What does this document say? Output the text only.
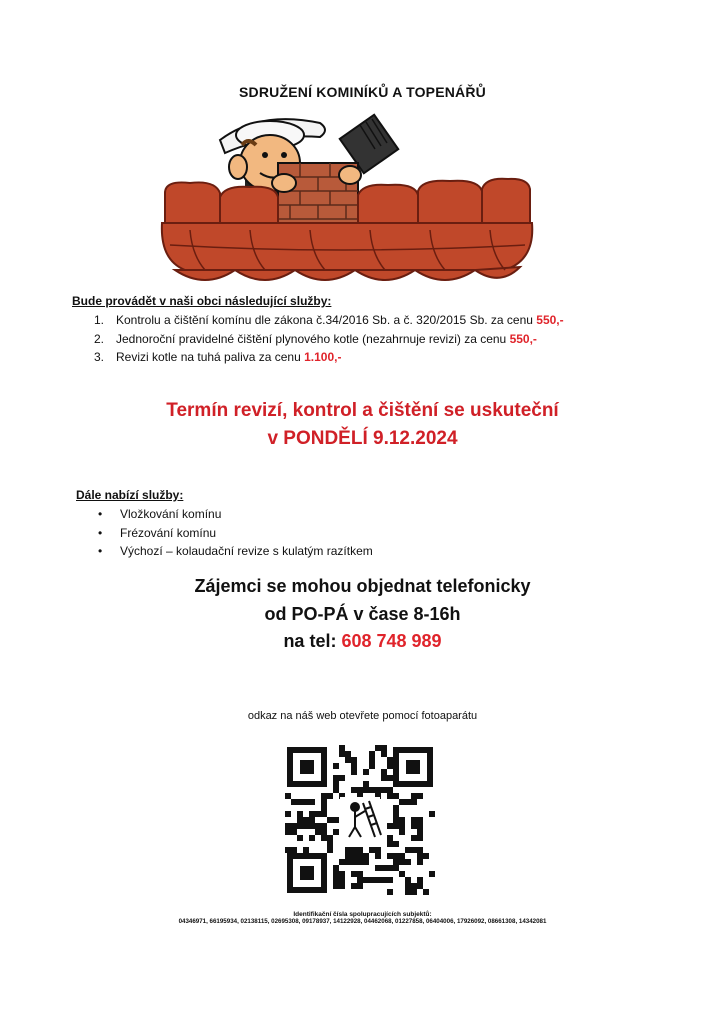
SDRUŽENÍ KOMINÍKŮ A TOPENÁŘŮ
Bude provádět v naši obci následující služby:
1. Kontrolu a čištění komínu dle zákona č.34/2016 Sb. a č. 320/2015 Sb. za cenu 550,-
2. Jednoroční pravidelné čištění plynového kotle (nezahrnuje revizi) za cenu 550,-
3. Revizi kotle na tuhá paliva za cenu 1.100,-
Termín revizí, kontrol a čištění se uskuteční
v PONDĚLÍ 9.12.2024
Dále nabízí služby:
• Vložkování komínu
• Frézování komínu
• Výchozí – kolaudační revize s kulatým razítkem
Zájemci se mohou objednat telefonicky
od PO-PÁ v čase 8-16h
na tel: 608 748 989
odkaz na náš web otevřete pomocí fotoaparátu
Identifikační čísla spolupracujících subjektů:
04346971, 66195934, 02138115, 02695308, 09178937, 14122928, 04462068, 01227858, 06404006, 17926092, 08661308, 14342081
